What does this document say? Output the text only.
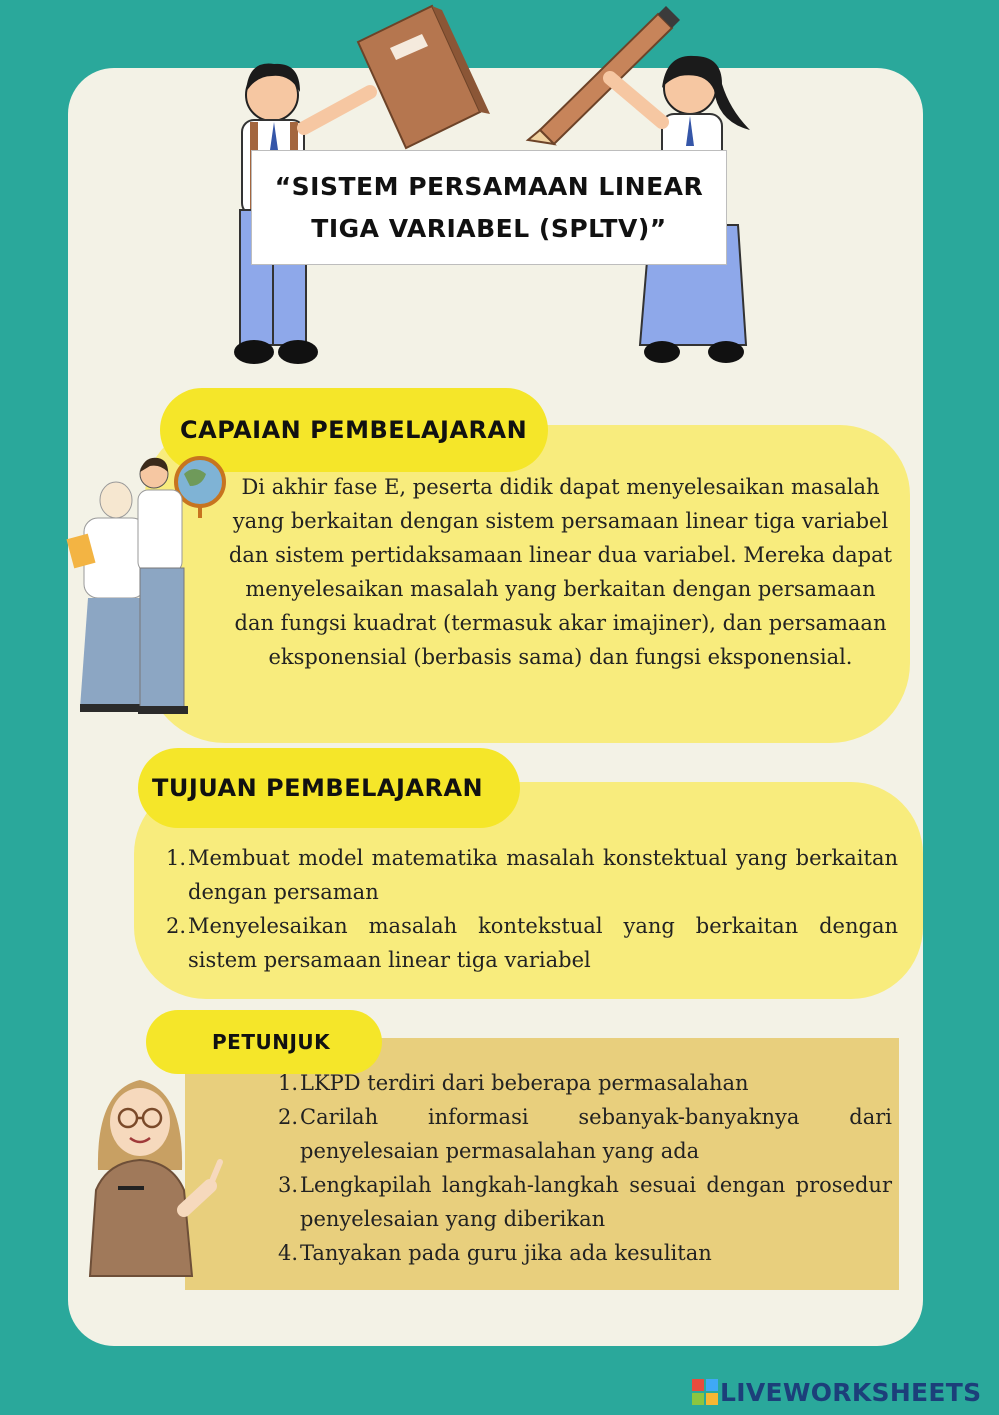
“SISTEM PERSAMAAN LINEAR
TIGA VARIABEL (SPLTV)”
CAPAIAN PEMBELAJARAN
Di akhir fase E, peserta didik dapat menyelesaikan masalah yang berkaitan dengan sistem persamaan linear tiga variabel dan sistem pertidaksamaan linear dua variabel. Mereka dapat menyelesaikan masalah yang berkaitan dengan persamaan dan fungsi kuadrat (termasuk akar imajiner), dan persamaan eksponensial (berbasis sama) dan fungsi eksponensial.
TUJUAN PEMBELAJARAN
1. Membuat model matematika masalah konstektual yang berkaitan dengan persaman
2. Menyelesaikan masalah kontekstual yang berkaitan dengan sistem persamaan linear tiga variabel
PETUNJUK
1. LKPD terdiri dari beberapa permasalahan
2. Carilah informasi sebanyak-banyaknya dari penyelesaian permasalahan yang ada
3. Lengkapilah langkah-langkah sesuai dengan prosedur penyelesaian yang diberikan
4. Tanyakan pada guru jika ada kesulitan
LIVEWORKSHEETS
